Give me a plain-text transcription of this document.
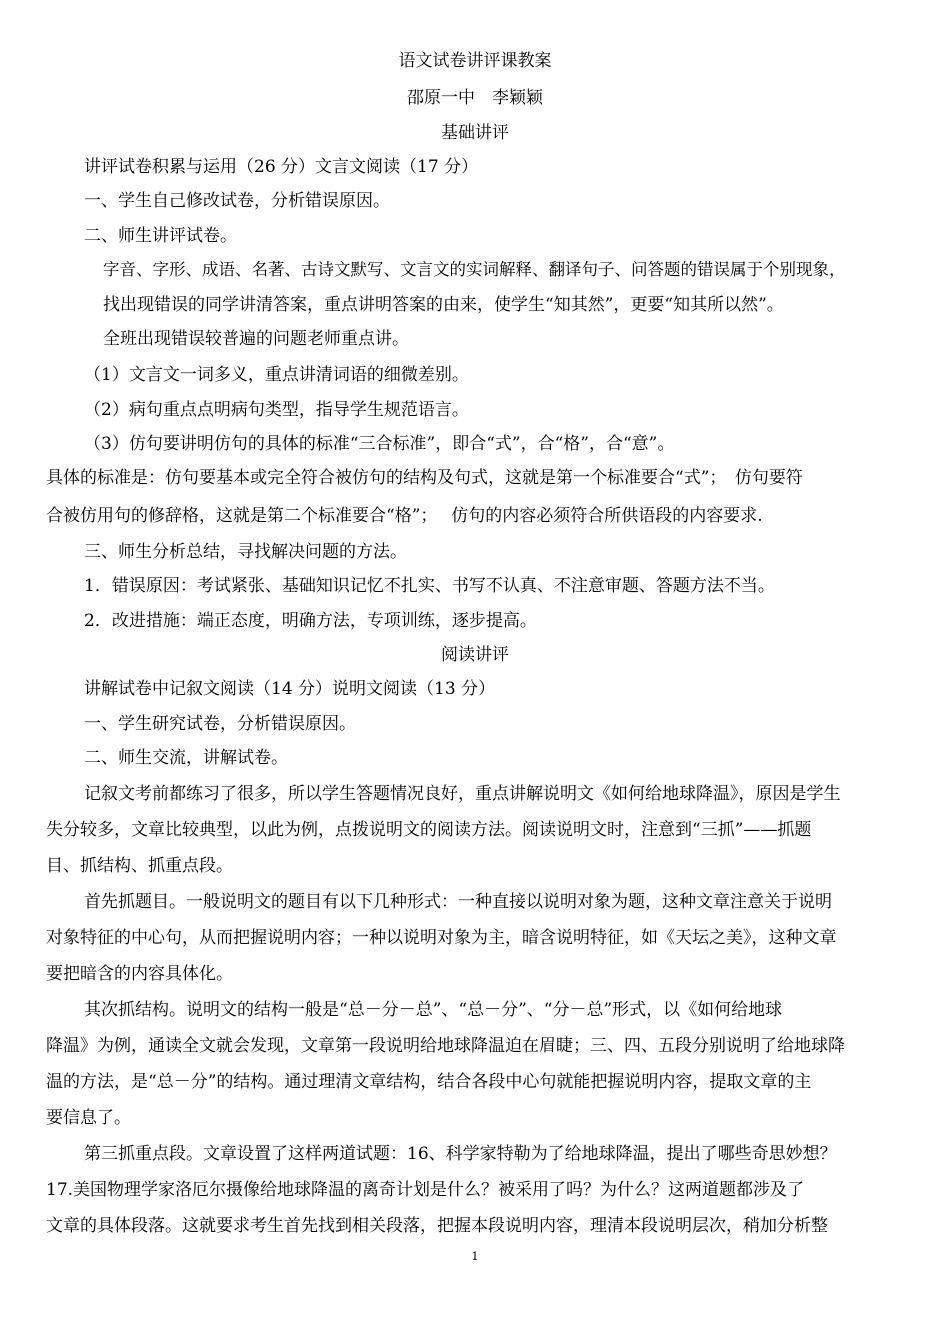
语文试卷讲评课教案
邵原一中　李颖颖
基础讲评
讲评试卷积累与运用（26 分）文言文阅读（17 分）
一、学生自己修改试卷，分析错误原因。
二、师生讲评试卷。
字音、字形、成语、名著、古诗文默写、文言文的实词解释、翻译句子、问答题的错误属于个别现象，
找出现错误的同学讲清答案，重点讲明答案的由来，使学生“知其然”，更要“知其所以然”。
全班出现错误较普遍的问题老师重点讲。
（1）文言文一词多义，重点讲清词语的细微差别。
（2）病句重点点明病句类型，指导学生规范语言。
（3）仿句要讲明仿句的具体的标准“三合标准”，即合“式”，合“格”，合“意”。
具体的标准是：仿句要基本或完全符合被仿句的结构及句式，这就是第一个标准要合“式”；　仿句要符
合被仿用句的修辞格，这就是第二个标准要合“格”；　 仿句的内容必须符合所供语段的内容要求.
三、师生分析总结，寻找解决问题的方法。
1．错误原因：考试紧张、基础知识记忆不扎实、书写不认真、不注意审题、答题方法不当。
2．改进措施：端正态度，明确方法，专项训练，逐步提高。
阅读讲评
讲解试卷中记叙文阅读（14 分）说明文阅读（13 分）
一、学生研究试卷，分析错误原因。
二、师生交流，讲解试卷。
记叙文考前都练习了很多，所以学生答题情况良好，重点讲解说明文《如何给地球降温》，原因是学生
失分较多，文章比较典型，以此为例，点拨说明文的阅读方法。阅读说明文时，注意到“三抓”——抓题
目、抓结构、抓重点段。
首先抓题目。一般说明文的题目有以下几种形式：一种直接以说明对象为题，这种文章注意关于说明
对象特征的中心句，从而把握说明内容；一种以说明对象为主，暗含说明特征，如《天坛之美》，这种文章
要把暗含的内容具体化。
其次抓结构。说明文的结构一般是“总－分－总”、“总－分”、“分－总”形式，以《如何给地球
降温》为例，通读全文就会发现，文章第一段说明给地球降温迫在眉睫；三、四、五段分别说明了给地球降
温的方法，是“总－分”的结构。通过理清文章结构，结合各段中心句就能把握说明内容，提取文章的主
要信息了。
第三抓重点段。文章设置了这样两道试题：16、科学家特勒为了给地球降温，提出了哪些奇思妙想？
17.美国物理学家洛厄尔摄像给地球降温的离奇计划是什么？被采用了吗？为什么？这两道题都涉及了
文章的具体段落。这就要求考生首先找到相关段落，把握本段说明内容，理清本段说明层次，稍加分析整
1
